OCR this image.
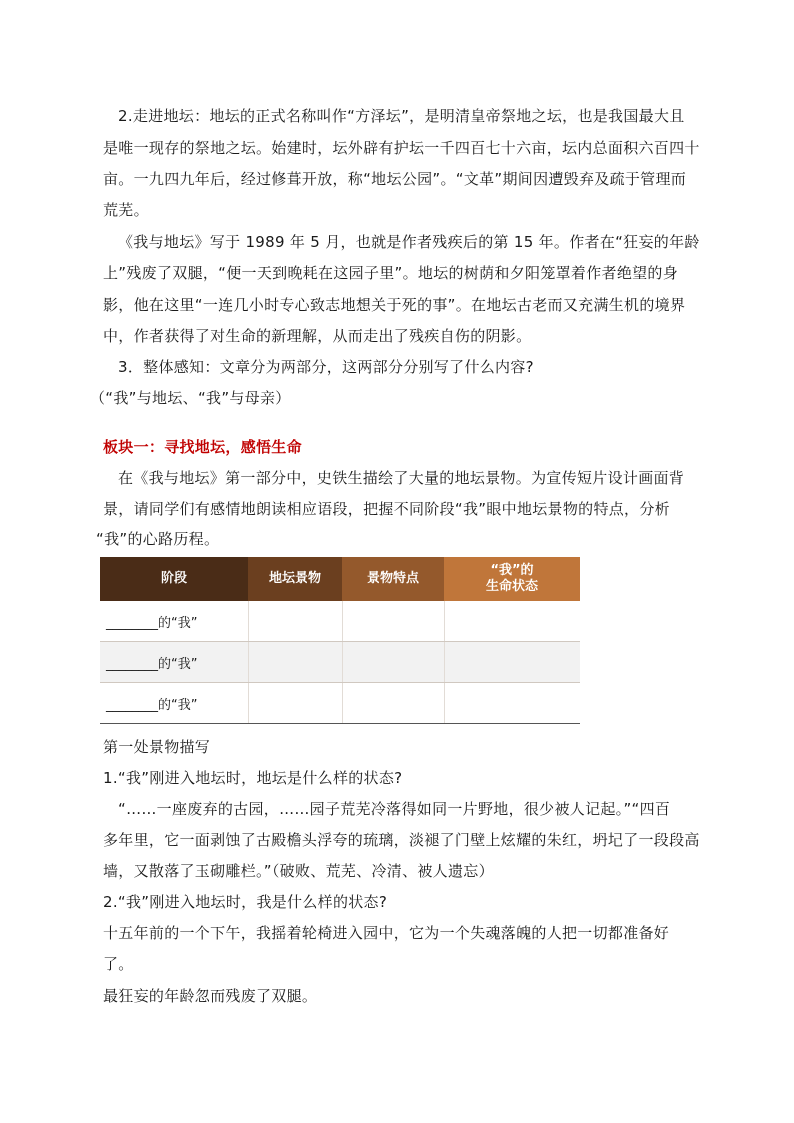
2.走进地坛：地坛的正式名称叫作“方泽坛”，是明清皇帝祭地之坛，也是我国最大且
是唯一现存的祭地之坛。始建时，坛外辟有护坛一千四百七十六亩，坛内总面积六百四十
亩。一九四九年后，经过修葺开放，称“地坛公园”。“文革”期间因遭毁弃及疏于管理而
荒芜。
《我与地坛》写于 1989 年 5 月，也就是作者残疾后的第 15 年。作者在“狂妄的年龄
上”残废了双腿，“便一天到晚耗在这园子里”。地坛的树荫和夕阳笼罩着作者绝望的身
影，他在这里“一连几小时专心致志地想关于死的事”。在地坛古老而又充满生机的境界
中，作者获得了对生命的新理解，从而走出了残疾自伤的阴影。
3．整体感知：文章分为两部分，这两部分分别写了什么内容?
（“我”与地坛、“我”与母亲）
板块一：寻找地坛，感悟生命
在《我与地坛》第一部分中，史铁生描绘了大量的地坛景物。为宣传短片设计画面背
景，请同学们有感情地朗读相应语段，把握不同阶段“我”眼中地坛景物的特点，分析
“我”的心路历程。
阶段	地坛景物	景物特点	“我”的
生命状态
________的“我”			
________的“我”			
________的“我”			
第一处景物描写
1.“我”刚进入地坛时，地坛是什么样的状态?
“……一座废弃的古园，……园子荒芜冷落得如同一片野地，很少被人记起。”“四百
多年里，它一面剥蚀了古殿檐头浮夸的琉璃，淡褪了门壁上炫耀的朱红，坍圮了一段段高
墙，又散落了玉砌雕栏。”（破败、荒芜、冷清、被人遗忘）
2.“我”刚进入地坛时，我是什么样的状态?
十五年前的一个下午，我摇着轮椅进入园中，它为一个失魂落魄的人把一切都准备好
了。
最狂妄的年龄忽而残废了双腿。
